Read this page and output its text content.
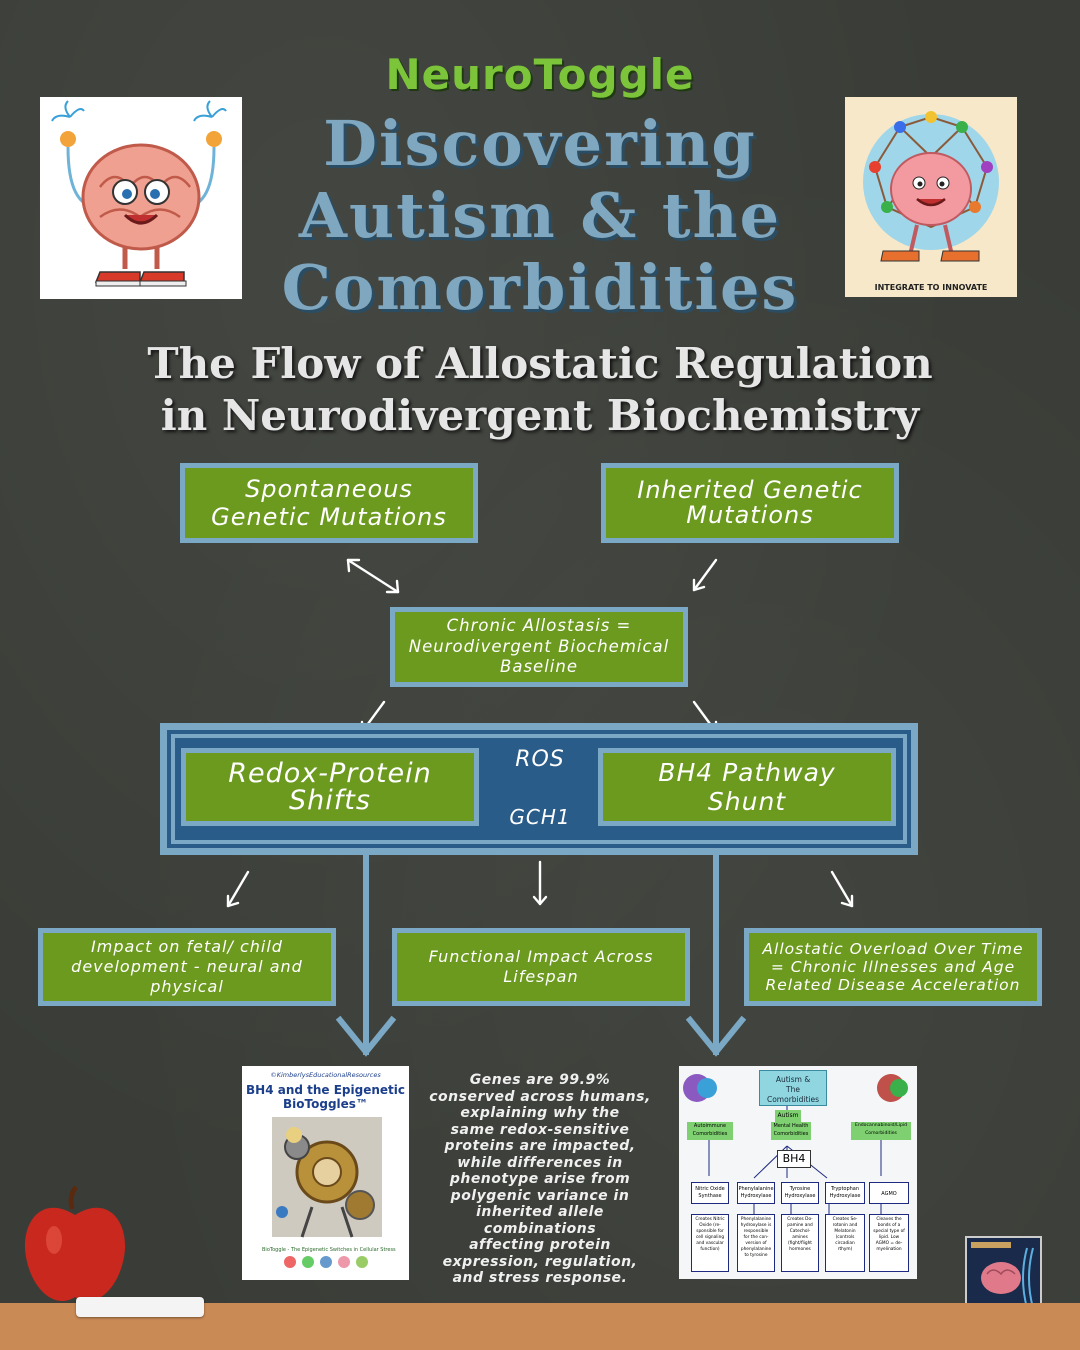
NeuroToggle
Discovering
Autism & the
Comorbidities
The Flow of Allostatic Regulation
in Neurodivergent Biochemistry
INTEGRATE TO INNOVATE
Spontaneous
Genetic Mutations
Inherited Genetic
Mutations
Chronic Allostasis =
Neurodivergent Biochemical
Baseline
Redox-Protein
Shifts
BH4 Pathway
Shunt
ROS
GCH1
Impact on fetal/ child
development - neural and
physical
Functional Impact Across
Lifespan
Allostatic Overload Over Time
= Chronic Illnesses and Age
Related Disease Acceleration
©KimberlysEducationalResources
BH4 and the Epigenetic
BioToggles™
BioToggle - The Epigenetic Switches in Cellular Stress
Genes are 99.9%
conserved across humans,
explaining why the
same redox-sensitive
proteins are impacted,
while differences in
phenotype arise from
polygenic variance in
inherited allele combinations
affecting protein
expression, regulation,
and stress response.
Autism &
The Comorbidities
Autism
Autoimmune
Comorbidities
Mental Health
Comorbidities
Endocannabinoid/Lipid
Comorbidities
BH4
Nitric Oxide
Synthase
Phenylalanine
Hydroxylase
Tyrosine
Hydroxylase
Tryptophan
Hydroxylase	AGMO
Creates Nitric
Oxide (re-
sponsible for
cell signaling
and vascular
function)
Phenylalanine
hydroxylase is
responsible
for the con-
version of
phenylalanine
to tyrosine
Creates Do-
pamine and
Catechol-
amines
(fight/flight
hormones
Creates Se-
rotonin and
Melatonin
(controls
circadian
rthym)
Cleaves the
bonds of a
special type of
lipid. Low
AGMO = de-
myelination
